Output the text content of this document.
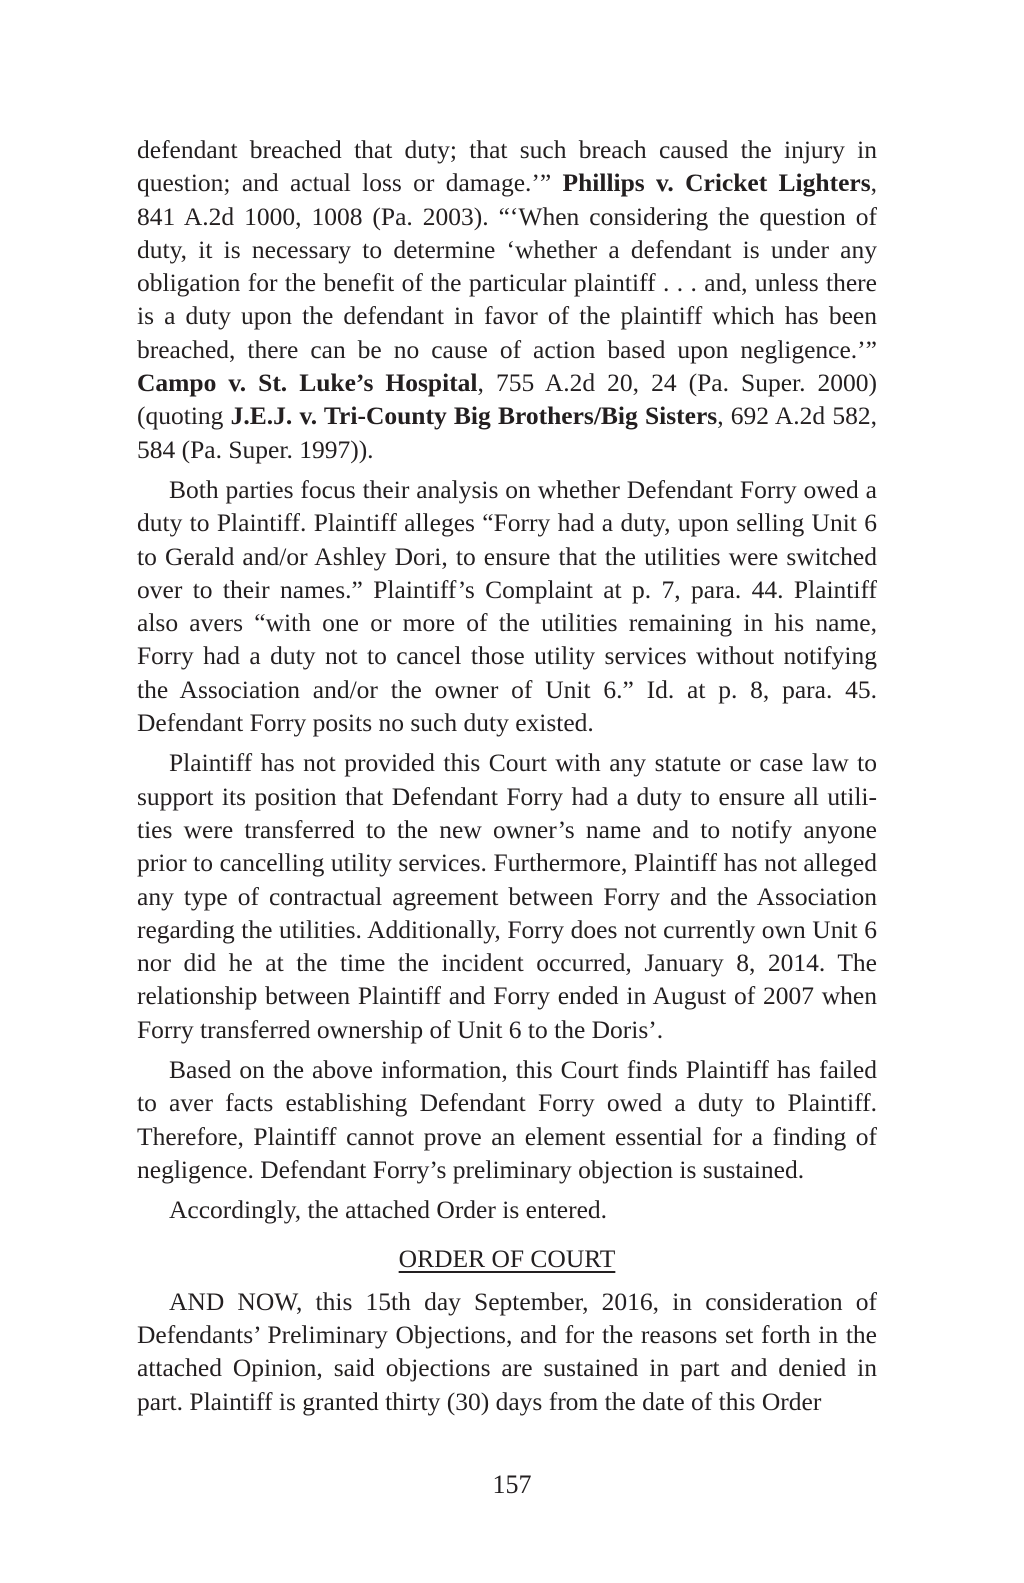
defendant breached that duty; that such breach caused the injury in question; and actual loss or damage.’” Phillips v. Cricket Lighters, 841 A.2d 1000, 1008 (Pa. 2003). “‘When considering the question of duty, it is necessary to determine ‘whether a defendant is under any obligation for the benefit of the particular plaintiff . . . and, unless there is a duty upon the defendant in favor of the plaintiff which has been breached, there can be no cause of action based upon negligence.’” Campo v. St. Luke’s Hospital, 755 A.2d 20, 24 (Pa. Super. 2000) (quoting J.E.J. v. Tri-County Big Brothers/Big Sisters, 692 A.2d 582, 584 (Pa. Super. 1997)).

Both parties focus their analysis on whether Defendant Forry owed a duty to Plaintiff. Plaintiff alleges “Forry had a duty, upon selling Unit 6 to Gerald and/or Ashley Dori, to ensure that the utilities were switched over to their names.” Plaintiff’s Complaint at p. 7, para. 44. Plaintiff also avers “with one or more of the utilities remaining in his name, Forry had a duty not to cancel those utility services without notifying the Association and/or the owner of Unit 6.” Id. at p. 8, para. 45. Defendant Forry posits no such duty existed.

Plaintiff has not provided this Court with any statute or case law to support its position that Defendant Forry had a duty to ensure all utilities were transferred to the new owner’s name and to notify anyone prior to cancelling utility services. Furthermore, Plaintiff has not alleged any type of contractual agreement between Forry and the Association regarding the utilities. Additionally, Forry does not currently own Unit 6 nor did he at the time the incident occurred, January 8, 2014. The relationship between Plaintiff and Forry ended in August of 2007 when Forry transferred ownership of Unit 6 to the Doris’.

Based on the above information, this Court finds Plaintiff has failed to aver facts establishing Defendant Forry owed a duty to Plaintiff. Therefore, Plaintiff cannot prove an element essential for a finding of negligence. Defendant Forry’s preliminary objection is sustained.

Accordingly, the attached Order is entered.

ORDER OF COURT

AND NOW, this 15th day September, 2016, in consideration of Defendants’ Preliminary Objections, and for the reasons set forth in the attached Opinion, said objections are sustained in part and denied in part. Plaintiff is granted thirty (30) days from the date of this Order

157
